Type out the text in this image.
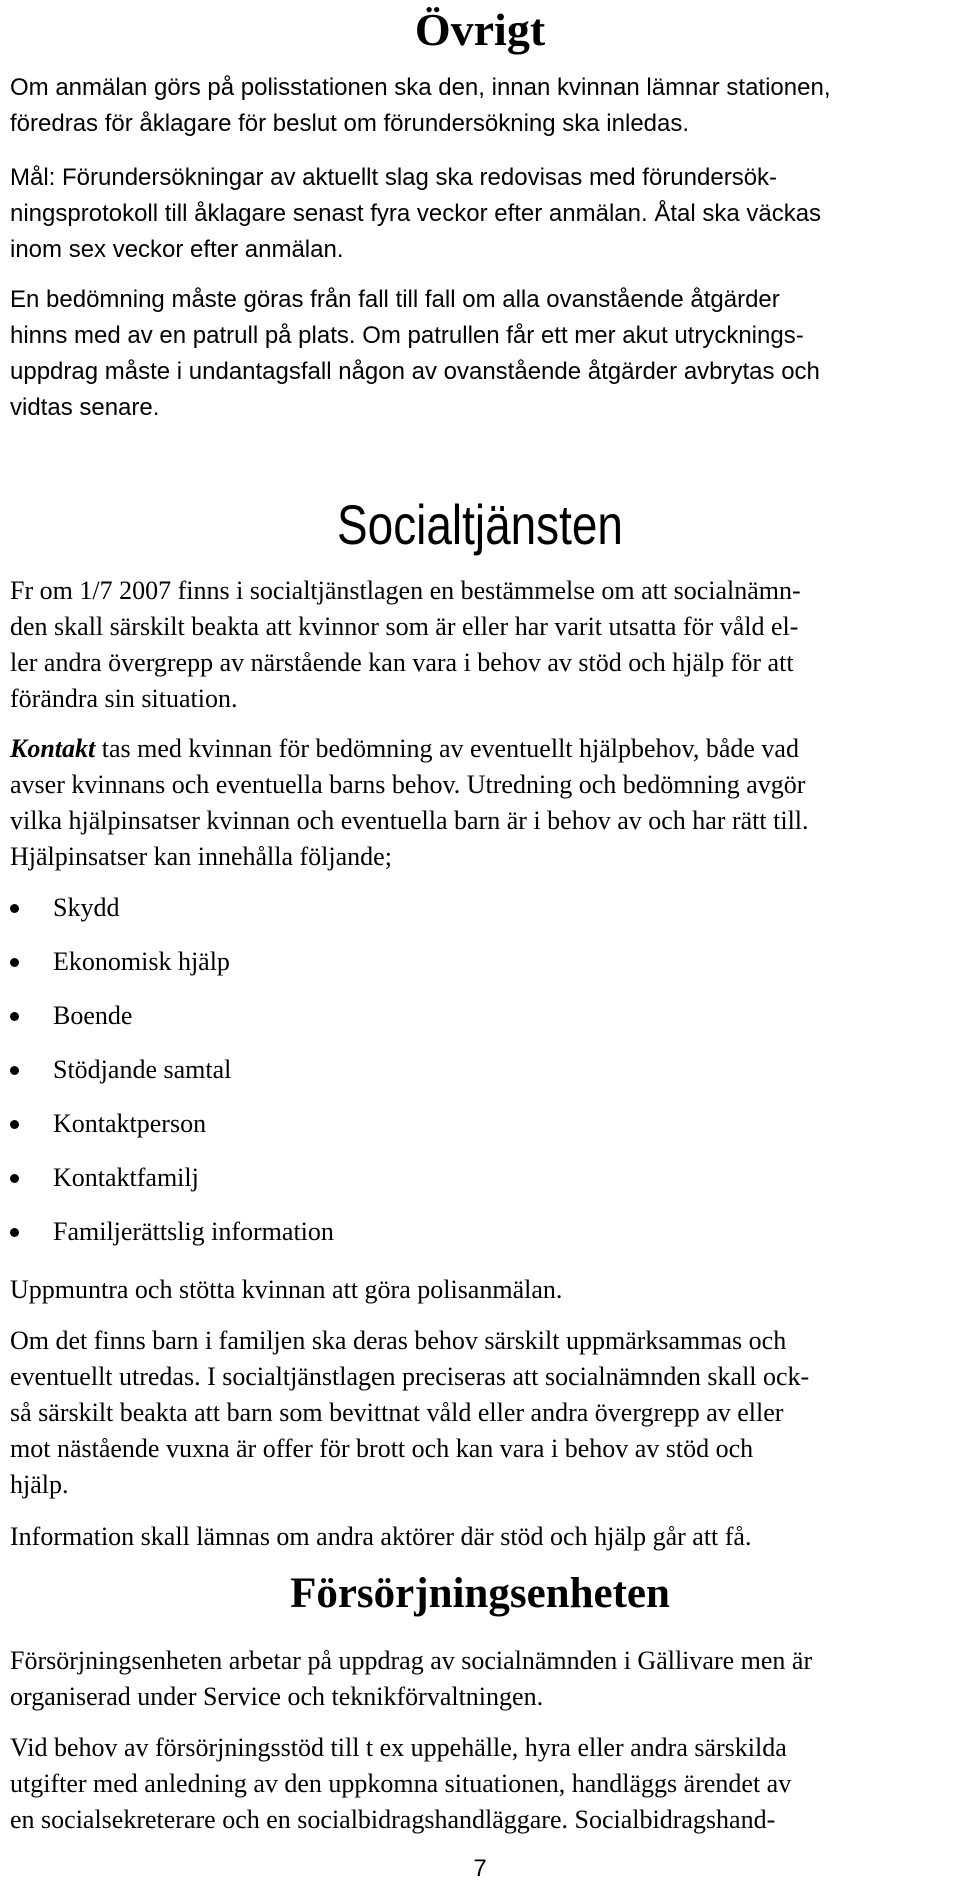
Övrigt

Om anmälan görs på polisstationen ska den, innan kvinnan lämnar stationen,
föredras för åklagare för beslut om förundersökning ska inledas.

Mål: Förundersökningar av aktuellt slag ska redovisas med förundersök-
ningsprotokoll till åklagare senast fyra veckor efter anmälan. Åtal ska väckas
inom sex veckor efter anmälan.

En bedömning måste göras från fall till fall om alla ovanstående åtgärder
hinns med av en patrull på plats. Om patrullen får ett mer akut utrycknings-
uppdrag måste i undantagsfall någon av ovanstående åtgärder avbrytas och
vidtas senare.

Socialtjänsten

Fr om 1/7 2007 finns i socialtjänstlagen en bestämmelse om att socialnämn-
den skall särskilt beakta att kvinnor som är eller har varit utsatta för våld el-
ler andra övergrepp av närstående kan vara i behov av stöd och hjälp för att
förändra sin situation.

Kontakt tas med kvinnan för bedömning av eventuellt hjälpbehov, både vad
avser kvinnans och eventuella barns behov. Utredning och bedömning avgör
vilka hjälpinsatser kvinnan och eventuella barn är i behov av och har rätt till.
Hjälpinsatser kan innehålla följande;

Skydd
Ekonomisk hjälp
Boende
Stödjande samtal
Kontaktperson
Kontaktfamilj
Familjerättslig information

Uppmuntra och stötta kvinnan att göra polisanmälan.

Om det finns barn i familjen ska deras behov särskilt uppmärksammas och
eventuellt utredas. I socialtjänstlagen preciseras att socialnämnden skall ock-
så särskilt beakta att barn som bevittnat våld eller andra övergrepp av eller
mot nästående vuxna är offer för brott och kan vara i behov av stöd och
hjälp.

Information skall lämnas om andra aktörer där stöd och hjälp går att få.

Försörjningsenheten

Försörjningsenheten arbetar på uppdrag av socialnämnden i Gällivare men är
organiserad under Service och teknikförvaltningen.

Vid behov av försörjningsstöd till t ex uppehälle, hyra eller andra särskilda
utgifter med anledning av den uppkomna situationen, handläggs ärendet av
en socialsekreterare och en socialbidragshandläggare. Socialbidragshand-

7
